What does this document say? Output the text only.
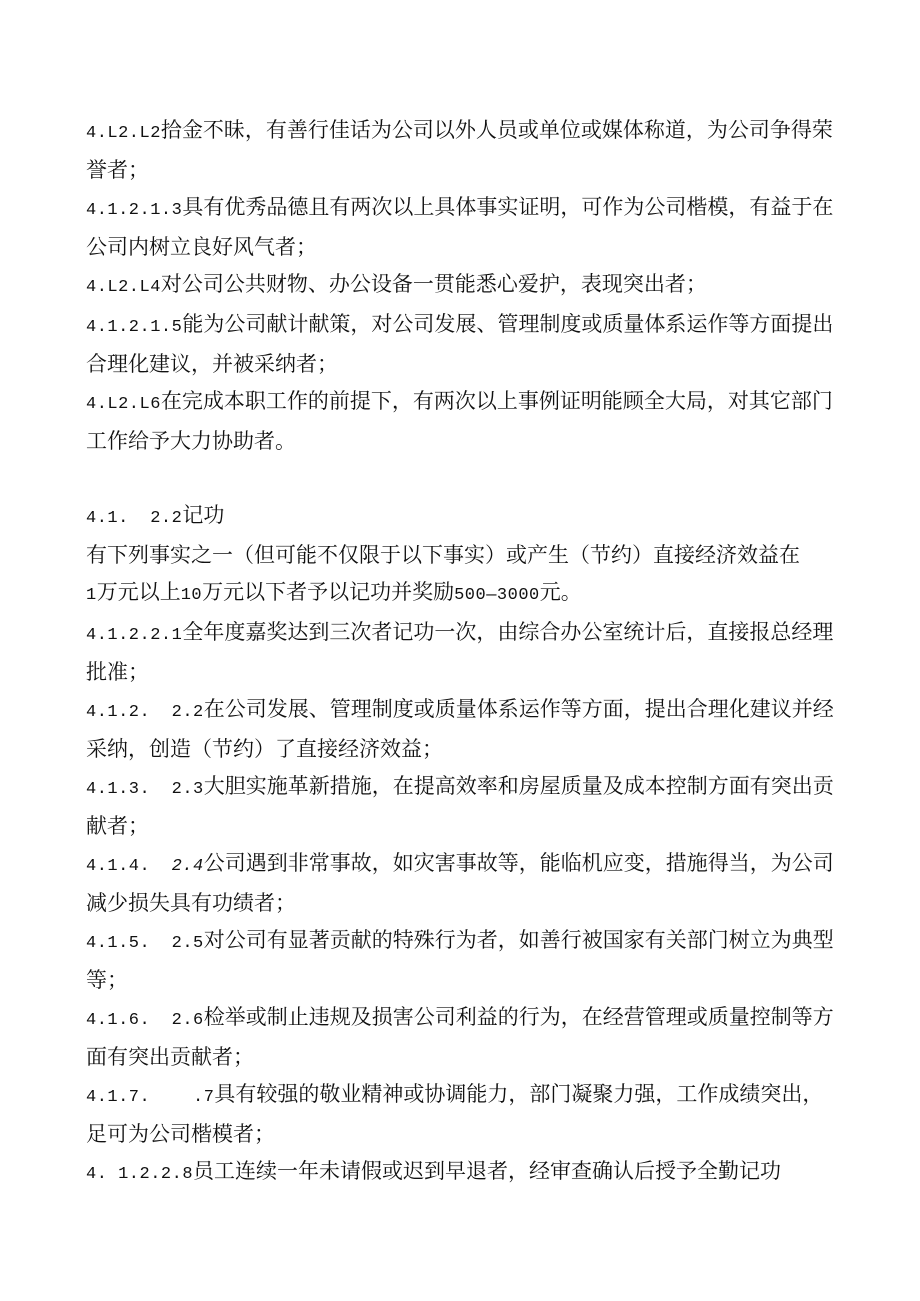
4.L2.L2拾金不昧，有善行佳话为公司以外人员或单位或媒体称道，为公司争得荣誉者；

4.1.2.1.3具有优秀品德且有两次以上具体事实证明，可作为公司楷模，有益于在公司内树立良好风气者；

4.L2.L4对公司公共财物、办公设备一贯能悉心爱护，表现突出者；

4.1.2.1.5能为公司献计献策，对公司发展、管理制度或质量体系运作等方面提出合理化建议，并被采纳者；

4.L2.L6在完成本职工作的前提下，有两次以上事例证明能顾全大局，对其它部门工作给予大力协助者。

4.1.  2.2记功

有下列事实之一（但可能不仅限于以下事实）或产生（节约）直接经济效益在
1万元以上10万元以下者予以记功并奖励500—3000元。

4.1.2.2.1全年度嘉奖达到三次者记功一次，由综合办公室统计后，直接报总经理批准；

4.1.2.  2.2在公司发展、管理制度或质量体系运作等方面，提出合理化建议并经采纳，创造（节约）了直接经济效益；

4.1.3.  2.3大胆实施革新措施，在提高效率和房屋质量及成本控制方面有突出贡献者；

4.1.4.  2.4公司遇到非常事故，如灾害事故等，能临机应变，措施得当，为公司减少损失具有功绩者；

4.1.5.  2.5对公司有显著贡献的特殊行为者，如善行被国家有关部门树立为典型等；

4.1.6.  2.6检举或制止违规及损害公司利益的行为，在经营管理或质量控制等方面有突出贡献者；

4.1.7.    .7具有较强的敬业精神或协调能力，部门凝聚力强，工作成绩突出，足可为公司楷模者；

4. 1.2.2.8员工连续一年未请假或迟到早退者，经审查确认后授予全勤记功
